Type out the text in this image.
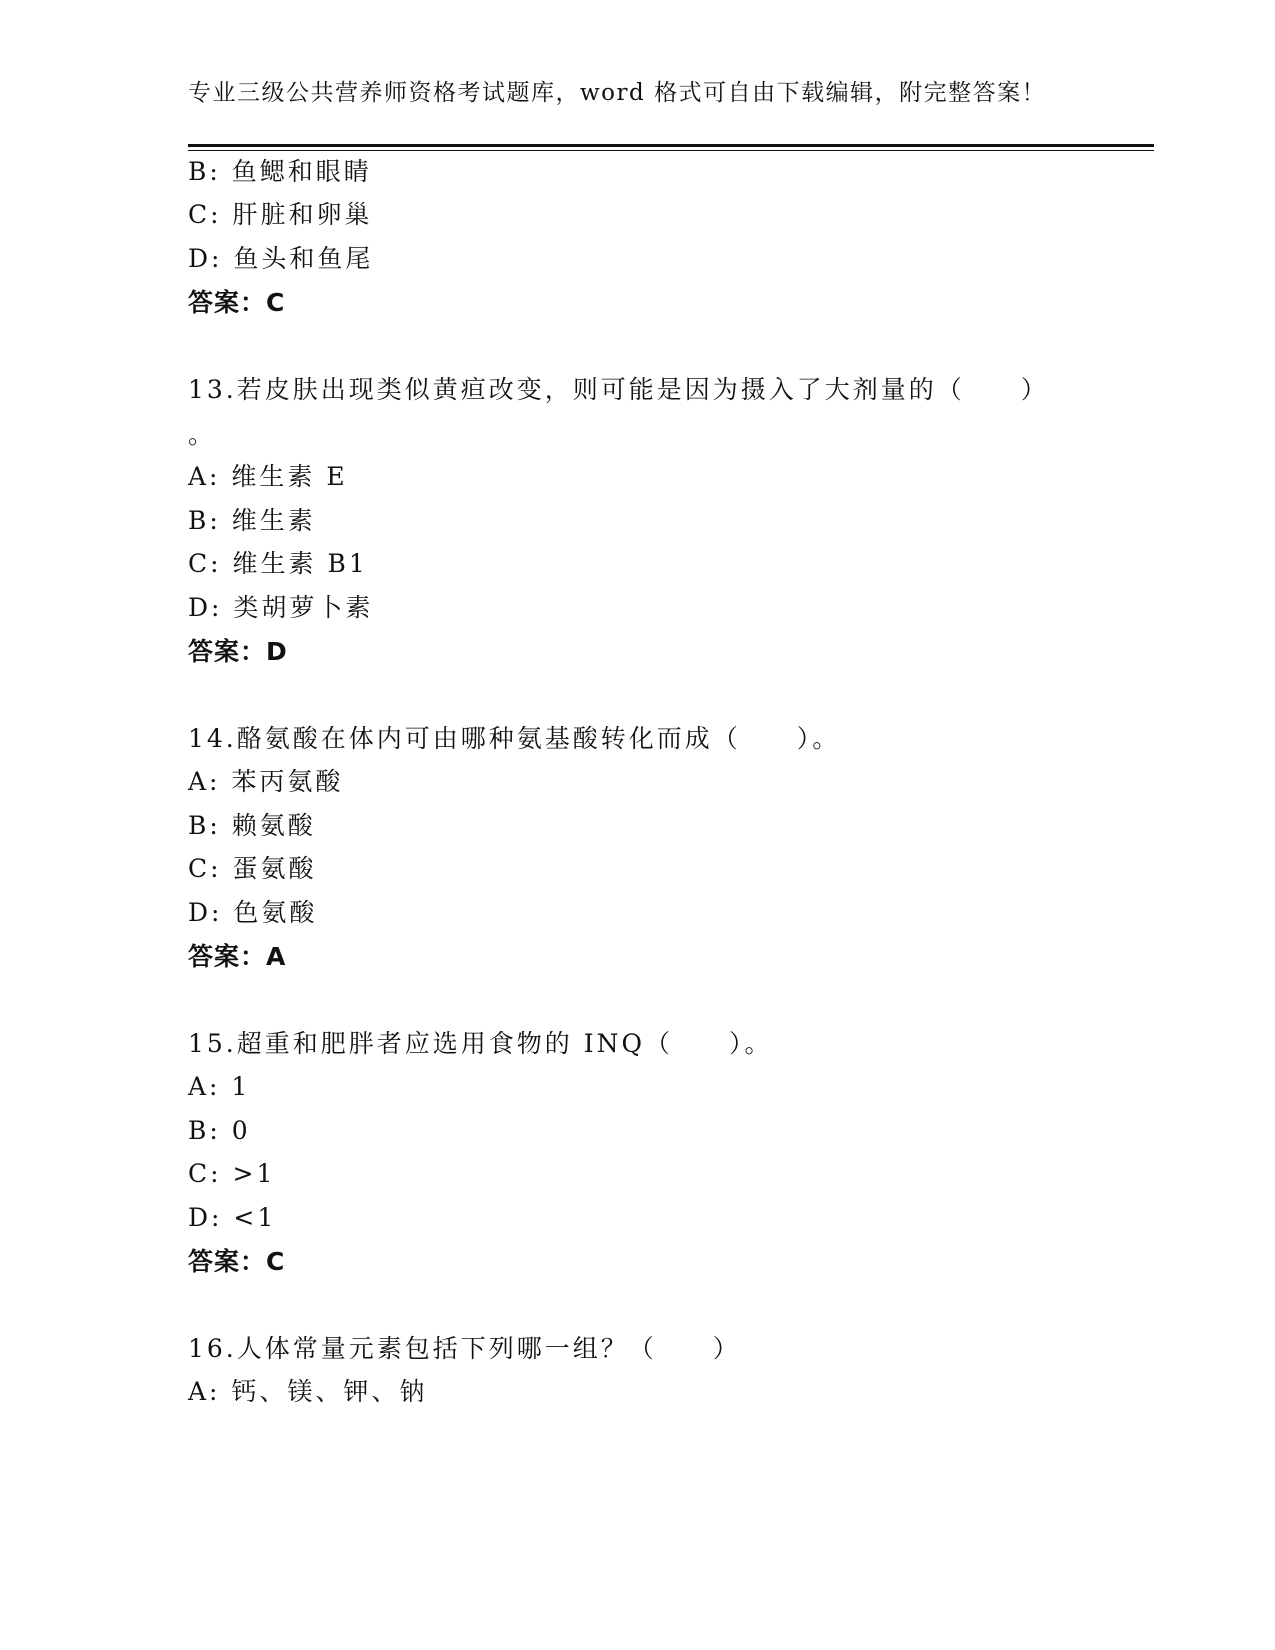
专业三级公共营养师资格考试题库，word 格式可自由下载编辑，附完整答案！
B: 鱼鳃和眼睛
C: 肝脏和卵巢
D: 鱼头和鱼尾
答案：C
13.若皮肤出现类似黄疸改变，则可能是因为摄入了大剂量的（　　）
。
A: 维生素 E
B: 维生素
C: 维生素 B1
D: 类胡萝卜素
答案：D
14.酪氨酸在体内可由哪种氨基酸转化而成（　　）。
A: 苯丙氨酸
B: 赖氨酸
C: 蛋氨酸
D: 色氨酸
答案：A
15.超重和肥胖者应选用食物的 INQ（　　）。
A: 1
B: 0
C: >1
D: <1
答案：C
16.人体常量元素包括下列哪一组？（　　）
A: 钙、镁、钾、钠
